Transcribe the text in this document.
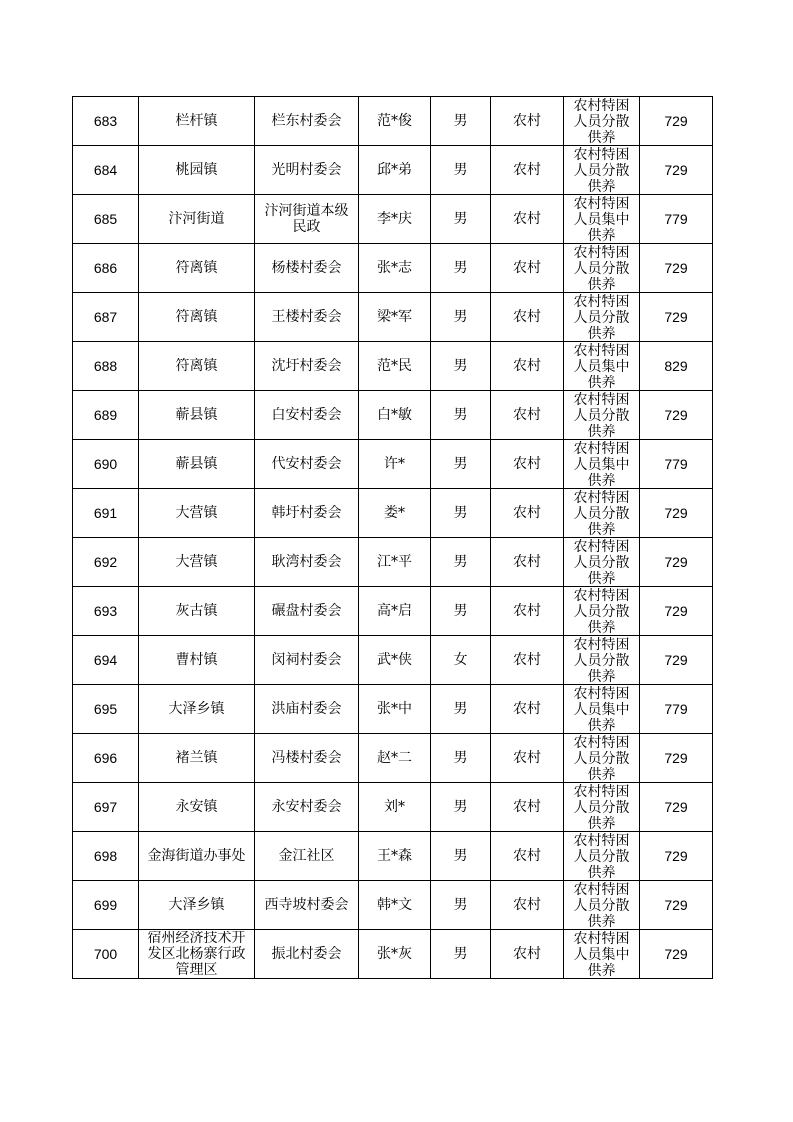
683	栏杆镇	栏东村委会	范*俊	男	农村	农村特困人员分散供养	729
684	桃园镇	光明村委会	邱*弟	男	农村	农村特困人员分散供养	729
685	汴河街道	汴河街道本级民政	李*庆	男	农村	农村特困人员集中供养	779
686	符离镇	杨楼村委会	张*志	男	农村	农村特困人员分散供养	729
687	符离镇	王楼村委会	梁*军	男	农村	农村特困人员分散供养	729
688	符离镇	沈圩村委会	范*民	男	农村	农村特困人员集中供养	829
689	蕲县镇	白安村委会	白*敏	男	农村	农村特困人员分散供养	729
690	蕲县镇	代安村委会	许*	男	农村	农村特困人员集中供养	779
691	大营镇	韩圩村委会	娄*	男	农村	农村特困人员分散供养	729
692	大营镇	耿湾村委会	江*平	男	农村	农村特困人员分散供养	729
693	灰古镇	碾盘村委会	高*启	男	农村	农村特困人员分散供养	729
694	曹村镇	闵祠村委会	武*侠	女	农村	农村特困人员分散供养	729
695	大泽乡镇	洪庙村委会	张*中	男	农村	农村特困人员集中供养	779
696	褚兰镇	冯楼村委会	赵*二	男	农村	农村特困人员分散供养	729
697	永安镇	永安村委会	刘*	男	农村	农村特困人员分散供养	729
698	金海街道办事处	金江社区	王*森	男	农村	农村特困人员分散供养	729
699	大泽乡镇	西寺坡村委会	韩*文	男	农村	农村特困人员分散供养	729
700	宿州经济技术开发区北杨寨行政管理区	振北村委会	张*灰	男	农村	农村特困人员集中供养	729
